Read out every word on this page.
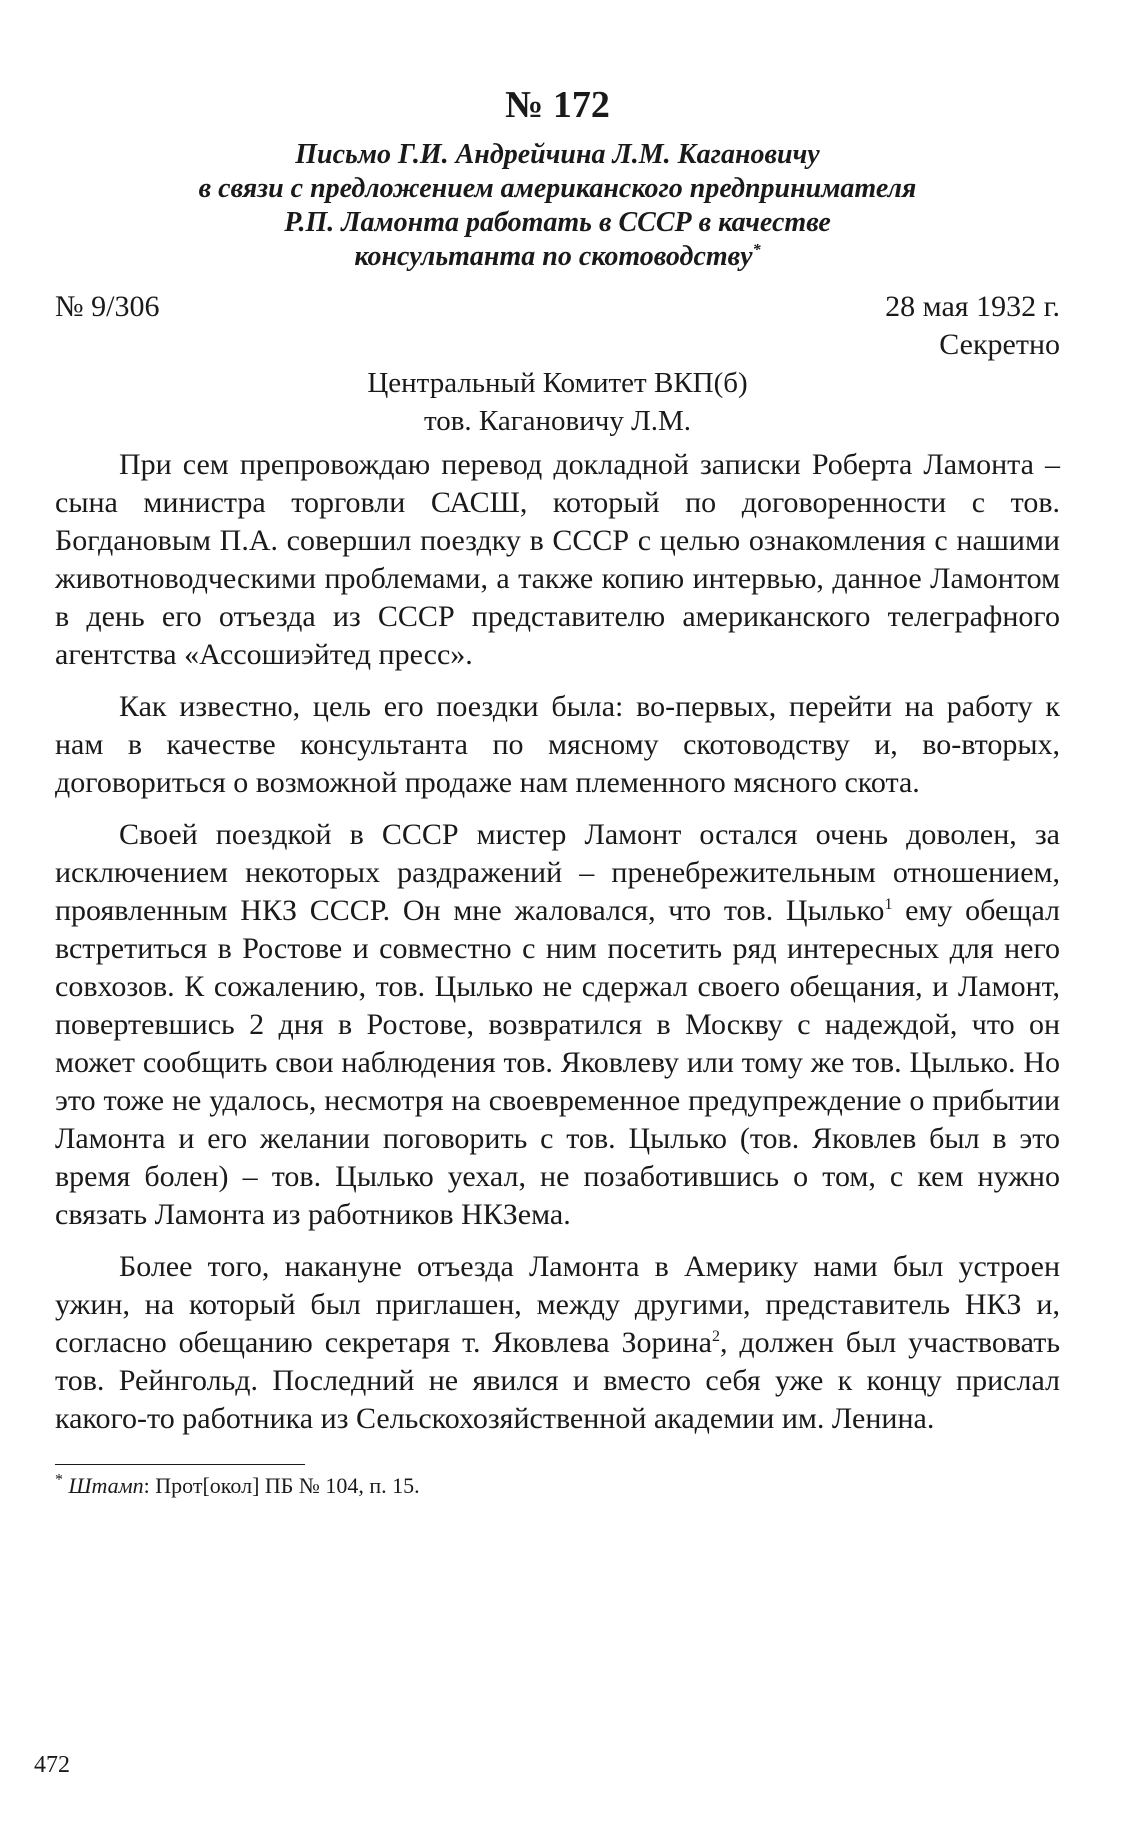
№ 172
Письмо Г.И. Андрейчина Л.М. Кагановичу
в связи с предложением американского предпринимателя
Р.П. Ламонта работать в СССР в качестве
консультанта по скотоводству*
№ 9/306	28 мая 1932 г.
Секретно
Центральный Комитет ВКП(б)
тов. Кагановичу Л.М.

При сем препровождаю перевод докладной записки Роберта Ламонта – сына министра торговли САСШ, который по договоренности с тов. Богдановым П.А. совершил поездку в СССР с целью ознакомления с нашими животноводческими проблемами, а также копию интервью, данное Ламонтом в день его отъезда из СССР представителю американского телеграфного агентства «Ассошиэйтед пресс».

Как известно, цель его поездки была: во-первых, перейти на работу к нам в качестве консультанта по мясному скотоводству и, во-вторых, договориться о возможной продаже нам племенного мясного скота.

Своей поездкой в СССР мистер Ламонт остался очень доволен, за исключением некоторых раздражений – пренебрежительным отношением, проявленным НКЗ СССР. Он мне жаловался, что тов. Цылько$^1$ ему обещал встретиться в Ростове и совместно с ним посетить ряд интересных для него совхозов. К сожалению, тов. Цылько не сдержал своего обещания, и Ламонт, повертевшись 2 дня в Ростове, возвратился в Москву с надеждой, что он может сообщить свои наблюдения тов. Яковлеву или тому же тов. Цылько. Но это тоже не удалось, несмотря на своевременное предупреждение о прибытии Ламонта и его желании поговорить с тов. Цылько (тов. Яковлев был в это время болен) – тов. Цылько уехал, не позаботившись о том, с кем нужно связать Ламонта из работников НКЗема.

Более того, накануне отъезда Ламонта в Америку нами был устроен ужин, на который был приглашен, между другими, представитель НКЗ и, согласно обещанию секретаря т. Яковлева Зорина$^2$, должен был участвовать тов. Рейнгольд. Последний не явился и вместо себя уже к концу прислал какого-то работника из Сельскохозяйственной академии им. Ленина.

* Штамп: Прот[окол] ПБ № 104, п. 15.
472
